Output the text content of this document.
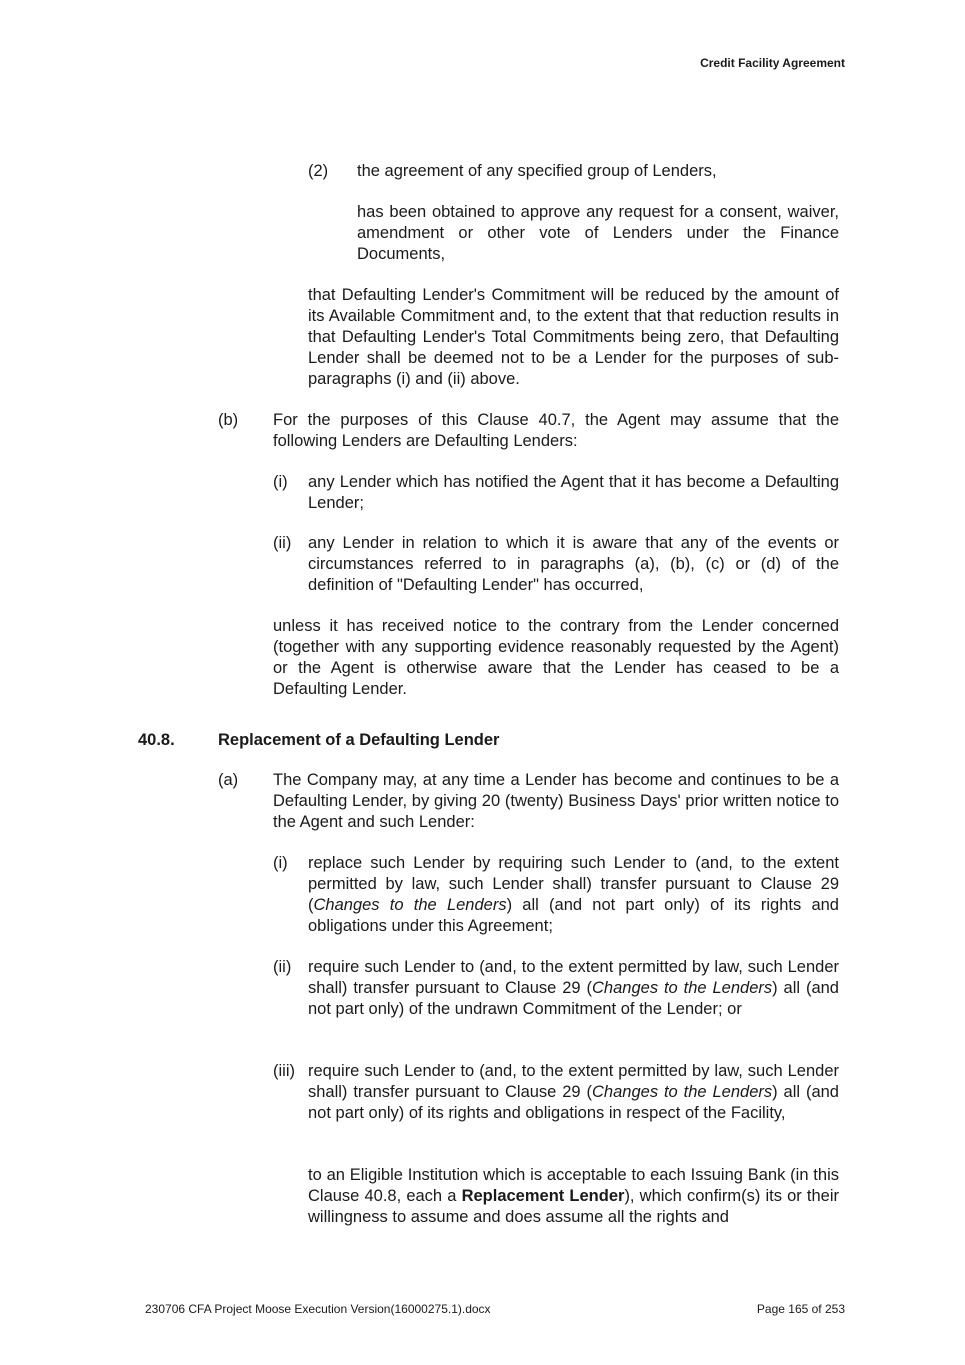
Credit Facility Agreement
(2) the agreement of any specified group of Lenders,
has been obtained to approve any request for a consent, waiver, amendment or other vote of Lenders under the Finance Documents,
that Defaulting Lender's Commitment will be reduced by the amount of its Available Commitment and, to the extent that that reduction results in that Defaulting Lender's Total Commitments being zero, that Defaulting Lender shall be deemed not to be a Lender for the purposes of sub-paragraphs (i) and (ii) above.
(b) For the purposes of this Clause 40.7, the Agent may assume that the following Lenders are Defaulting Lenders:
(i) any Lender which has notified the Agent that it has become a Defaulting Lender;
(ii) any Lender in relation to which it is aware that any of the events or circumstances referred to in paragraphs (a), (b), (c) or (d) of the definition of "Defaulting Lender" has occurred,
unless it has received notice to the contrary from the Lender concerned (together with any supporting evidence reasonably requested by the Agent) or the Agent is otherwise aware that the Lender has ceased to be a Defaulting Lender.
40.8.	Replacement of a Defaulting Lender
(a) The Company may, at any time a Lender has become and continues to be a Defaulting Lender, by giving 20 (twenty) Business Days' prior written notice to the Agent and such Lender:
(i) replace such Lender by requiring such Lender to (and, to the extent permitted by law, such Lender shall) transfer pursuant to Clause 29 (Changes to the Lenders) all (and not part only) of its rights and obligations under this Agreement;
(ii) require such Lender to (and, to the extent permitted by law, such Lender shall) transfer pursuant to Clause 29 (Changes to the Lenders) all (and not part only) of the undrawn Commitment of the Lender; or
(iii) require such Lender to (and, to the extent permitted by law, such Lender shall) transfer pursuant to Clause 29 (Changes to the Lenders) all (and not part only) of its rights and obligations in respect of the Facility,
to an Eligible Institution which is acceptable to each Issuing Bank (in this Clause 40.8, each a Replacement Lender), which confirm(s) its or their willingness to assume and does assume all the rights and
230706 CFA Project Moose Execution Version(16000275.1).docx	Page 165 of 253
